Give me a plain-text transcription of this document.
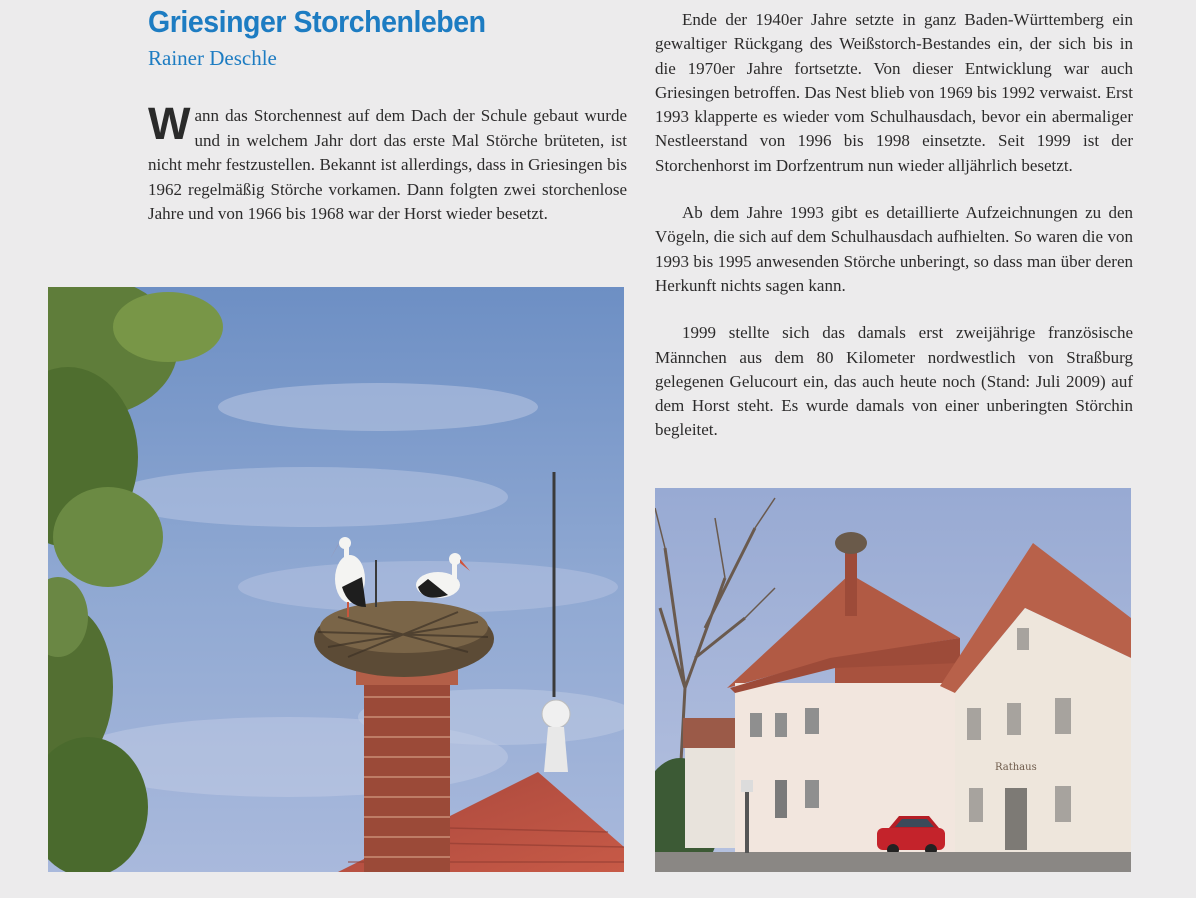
Griesinger Storchenleben
Rainer Deschle
Wann das Storchennest auf dem Dach der Schule gebaut wurde und in welchem Jahr dort das erste Mal Störche brüteten, ist nicht mehr festzustellen. Bekannt ist allerdings, dass in Griesingen bis 1962 regelmäßig Störche vorkamen. Dann folgten zwei storchenlose Jahre und von 1966 bis 1968 war der Horst wieder besetzt.

Ende der 1940er Jahre setzte in ganz Baden-Württemberg ein gewaltiger Rückgang des Weißstorch-Bestandes ein, der sich bis in die 1970er Jahre fortsetzte. Von dieser Entwicklung war auch Griesingen betroffen. Das Nest blieb von 1969 bis 1992 verwaist. Erst 1993 klapperte es wieder vom Schulhausdach, bevor ein abermaliger Nestleerstand von 1996 bis 1998 einsetzte. Seit 1999 ist der Storchenhorst im Dorfzentrum nun wieder alljährlich besetzt.

Ab dem Jahre 1993 gibt es detaillierte Aufzeichnungen zu den Vögeln, die sich auf dem Schulhausdach aufhielten. So waren die von 1993 bis 1995 anwesenden Störche unberingt, so dass man über deren Herkunft nichts sagen kann.

1999 stellte sich das damals erst zweijährige französische Männchen aus dem 80 Kilometer nordwestlich von Straßburg gelegenen Gelucourt ein, das auch heute noch (Stand: Juli 2009) auf dem Horst steht. Es wurde damals von einer unberingten Störchin begleitet.

Rathaus
